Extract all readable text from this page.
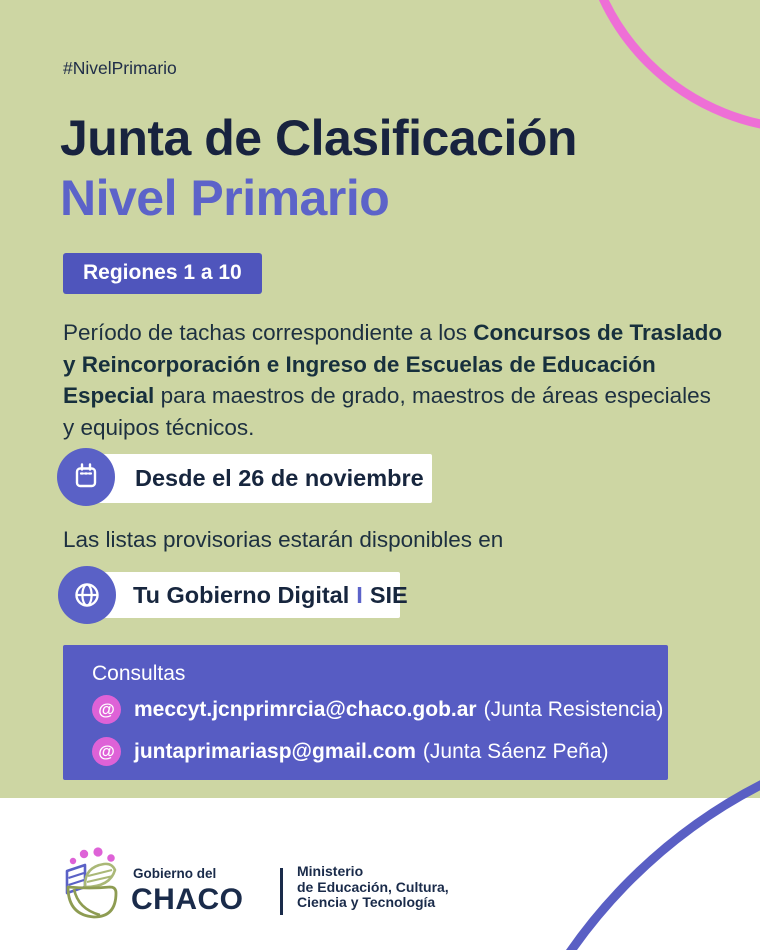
#NivelPrimario
Junta de Clasificación
Nivel Primario
Regiones 1 a 10
Período de tachas correspondiente a los Concursos de Traslado y Reincorporación e Ingreso de Escuelas de Educación Especial para maestros de grado, maestros de áreas especiales y equipos técnicos.
Desde el 26 de noviembre
Las listas provisorias estarán disponibles en
Tu Gobierno Digital I SIE
Consultas
@ meccyt.jcnprimrcia@chaco.gob.ar (Junta Resistencia)
@ juntaprimariasp@gmail.com (Junta Sáenz Peña)
Gobierno del
CHACO
Ministerio
de Educación, Cultura,
Ciencia y Tecnología
